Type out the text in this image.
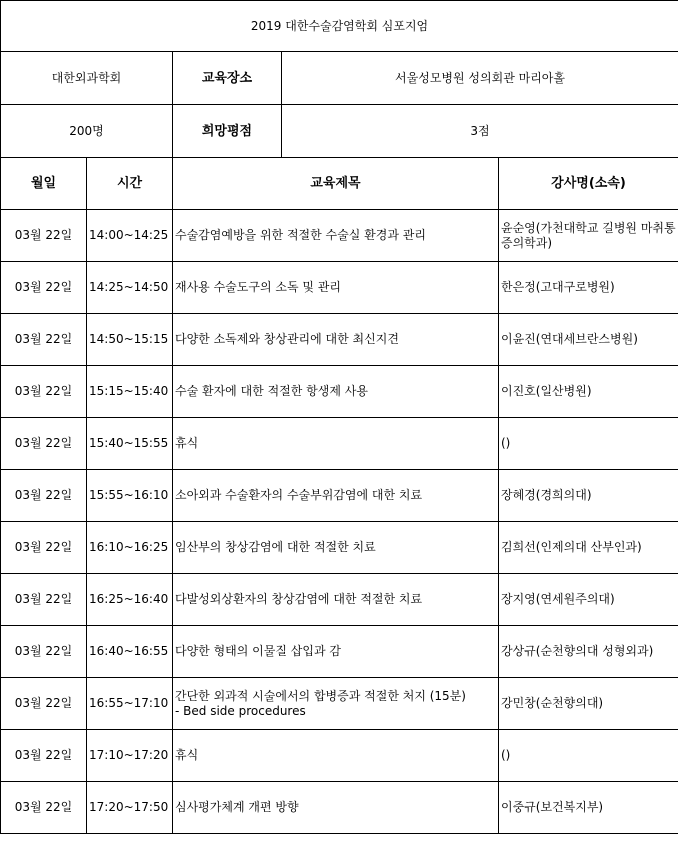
2019 대한수술감염학회 심포지엄				
대한외과학회		교육장소	서울성모병원 성의회관 마리아홀	
200명		희망평점	3점	
월일	시간	교육제목		강사명(소속)
03월 22일	14:00~14:25	수술감염예방을 위한 적절한 수술실 환경과 관리		윤순영(가천대학교 길병원 마취통증의학과)
03월 22일	14:25~14:50	재사용 수술도구의 소독 및 관리		한은정(고대구로병원)
03월 22일	14:50~15:15	다양한 소독제와 창상관리에 대한 최신지견		이윤진(연대세브란스병원)
03월 22일	15:15~15:40	수술 환자에 대한 적절한 항생제 사용		이진호(일산병원)
03월 22일	15:40~15:55	휴식		()
03월 22일	15:55~16:10	소아외과 수술환자의 수술부위감염에 대한 치료		장혜경(경희의대)
03월 22일	16:10~16:25	임산부의 창상감염에 대한 적절한 치료		김희선(인제의대 산부인과)
03월 22일	16:25~16:40	다발성외상환자의 창상감염에 대한 적절한 치료		장지영(연세원주의대)
03월 22일	16:40~16:55	다양한 형태의 이물질 삽입과 감		강상규(순천향의대 성형외과)
03월 22일	16:55~17:10	간단한 외과적 시술에서의 합병증과 적절한 처지 (15분)
- Bed side procedures		강민창(순천향의대)
03월 22일	17:10~17:20	휴식		()
03월 22일	17:20~17:50	심사평가체계 개편 방향		이중규(보건복지부)
